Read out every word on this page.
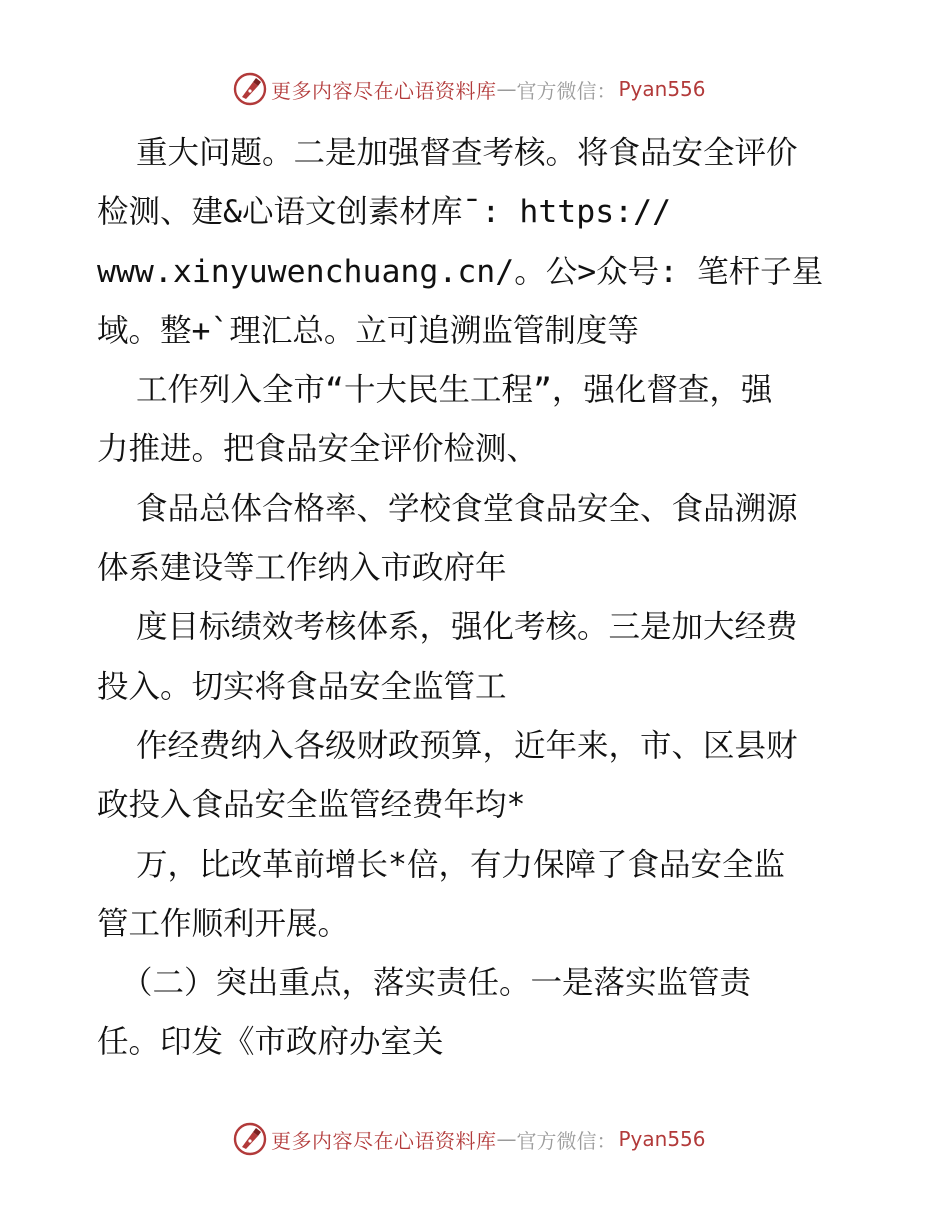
更多内容尽在心语资料库 — 官方微信： Pyan556
重大问题。二是加强督查考核。将食品安全评价
检测、建&心语文创素材库¯: https://
www.xinyuwenchuang.cn/。公>众号: 笔杆子星
域。整+`理汇总。立可追溯监管制度等
工作列入全市“十大民生工程”，强化督查，强
力推进。把食品安全评价检测、
食品总体合格率、学校食堂食品安全、食品溯源
体系建设等工作纳入市政府年
度目标绩效考核体系，强化考核。三是加大经费
投入。切实将食品安全监管工
作经费纳入各级财政预算，近年来，市、区县财
政投入食品安全监管经费年均*
万，比改革前增长*倍，有力保障了食品安全监
管工作顺利开展。
（二）突出重点，落实责任。一是落实监管责
任。印发《市政府办室关
更多内容尽在心语资料库 — 官方微信： Pyan556
